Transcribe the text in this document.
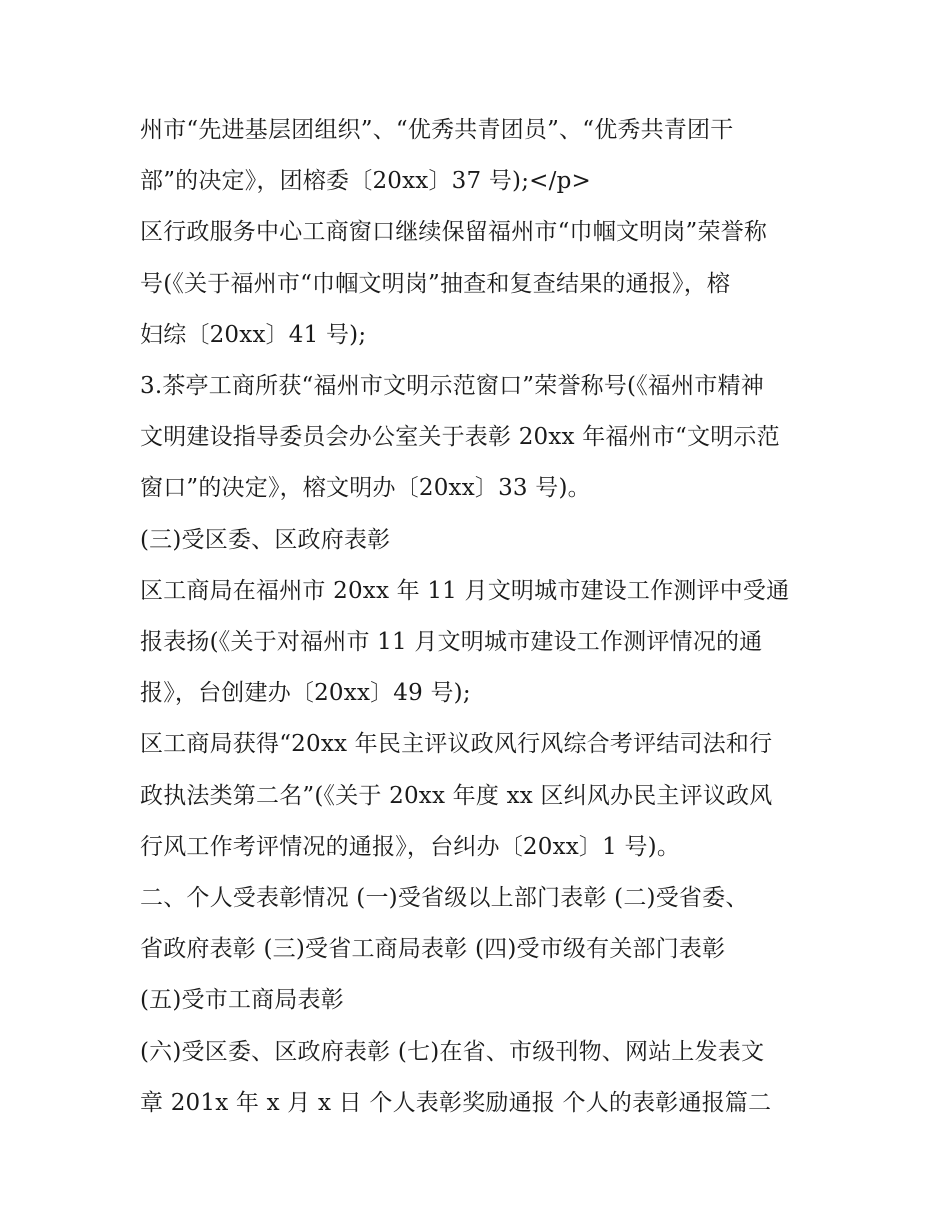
州市“先进基层团组织”、“优秀共青团员”、“优秀共青团干
部”的决定》，团榕委〔20xx〕37 号);</p>
区行政服务中心工商窗口继续保留福州市“巾帼文明岗”荣誉称
号(《关于福州市“巾帼文明岗”抽查和复查结果的通报》，榕
妇综〔20xx〕41 号);
3.茶亭工商所获“福州市文明示范窗口”荣誉称号(《福州市精神
文明建设指导委员会办公室关于表彰 20xx 年福州市“文明示范
窗口”的决定》，榕文明办〔20xx〕33 号)。
(三)受区委、区政府表彰
区工商局在福州市 20xx 年 11 月文明城市建设工作测评中受通
报表扬(《关于对福州市 11 月文明城市建设工作测评情况的通
报》，台创建办〔20xx〕49 号);
区工商局获得“20xx 年民主评议政风行风综合考评结司法和行
政执法类第二名”(《关于 20xx 年度 xx 区纠风办民主评议政风
行风工作考评情况的通报》，台纠办〔20xx〕1 号)。
二、个人受表彰情况 (一)受省级以上部门表彰 (二)受省委、
省政府表彰 (三)受省工商局表彰 (四)受市级有关部门表彰
(五)受市工商局表彰
(六)受区委、区政府表彰 (七)在省、市级刊物、网站上发表文
章 201x 年 x 月 x 日 个人表彰奖励通报 个人的表彰通报篇二
